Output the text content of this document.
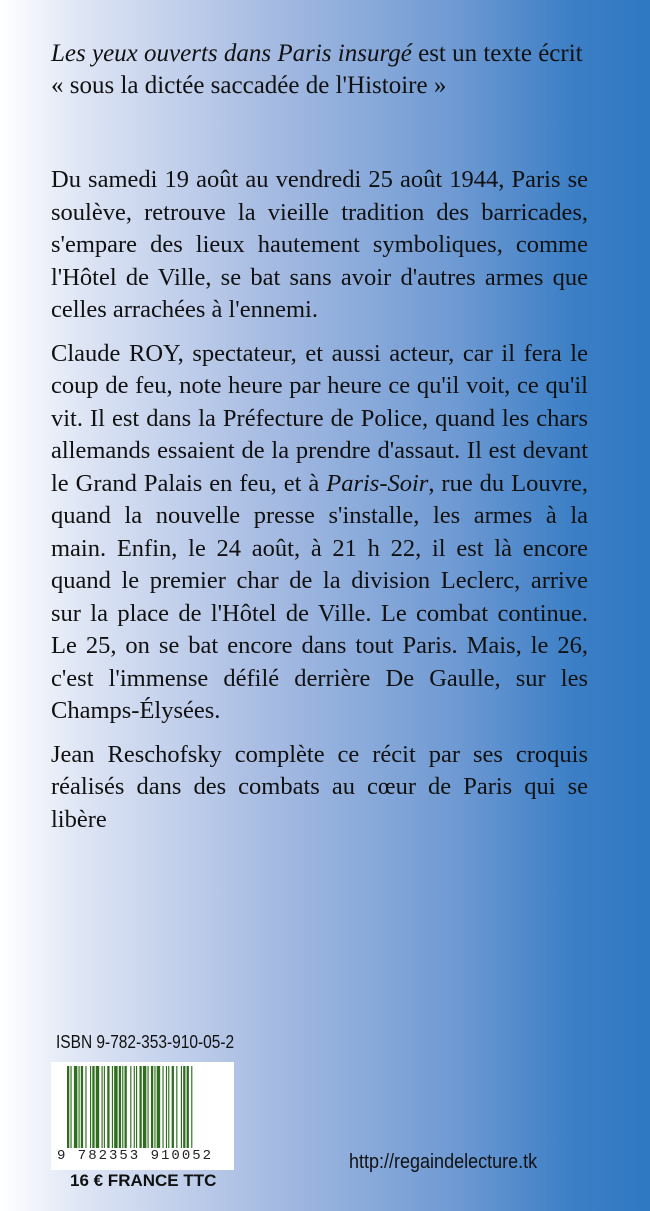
Les yeux ouverts dans Paris insurgé est un texte écrit
« sous la dictée saccadée de l'Histoire »

Du samedi 19 août au vendredi 25 août 1944, Paris se soulève, retrouve la vieille tradition des barricades, s'empare des lieux hautement symboliques, comme l'Hôtel de Ville, se bat sans avoir d'autres armes que celles arrachées à l'ennemi.

Claude ROY, spectateur, et aussi acteur, car il fera le coup de feu, note heure par heure ce qu'il voit, ce qu'il vit. Il est dans la Préfecture de Police, quand les chars allemands essaient de la prendre d'assaut. Il est devant le Grand Palais en feu, et à Paris-Soir, rue du Louvre, quand la nouvelle presse s'installe, les armes à la main. Enfin, le 24 août, à 21 h 22, il est là encore quand le premier char de la division Leclerc, arrive sur la place de l'Hôtel de Ville. Le combat continue. Le 25, on se bat encore dans tout Paris. Mais, le 26, c'est l'immense défilé derrière De Gaulle, sur les Champs-Élysées.

Jean Reschofsky complète ce récit par ses croquis réalisés dans des combats au cœur de Paris qui se libère

ISBN 9-782-353-910-05-2
9 782353 910052
16 € FRANCE TTC
http://regaindelecture.tk
